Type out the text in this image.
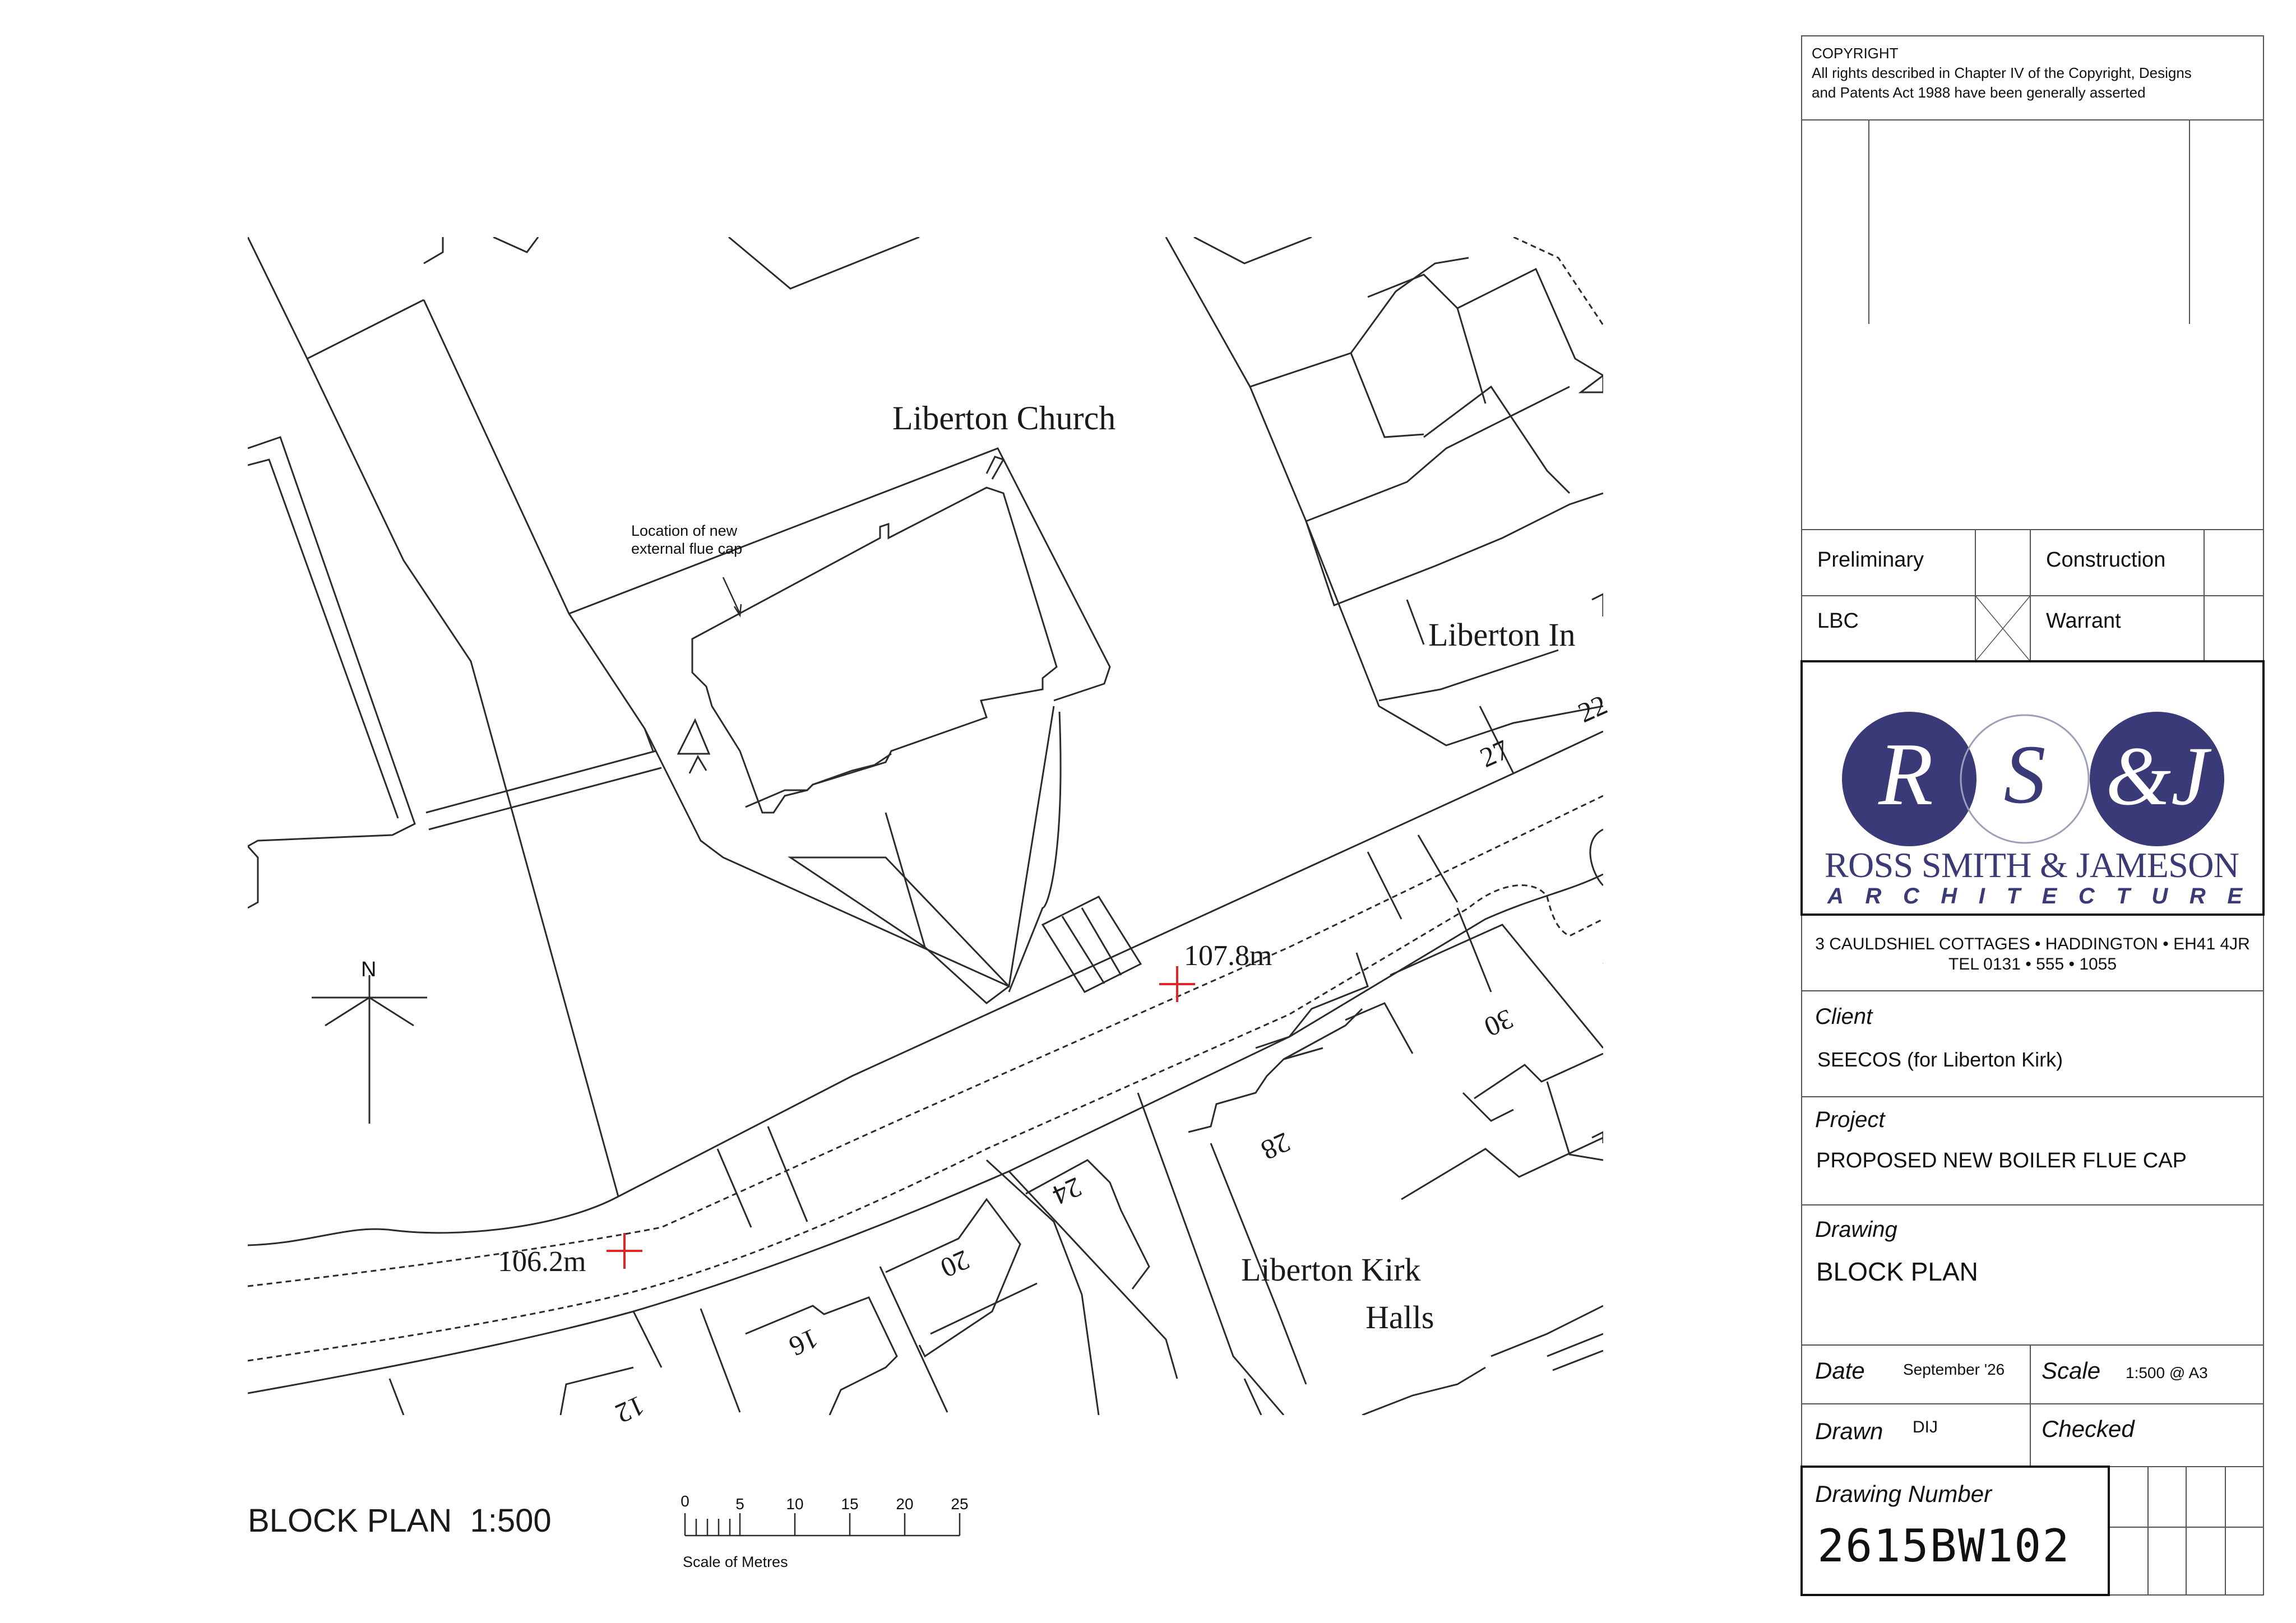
Liberton Church
Liberton In
Liberton Kirk
Halls
107.8m
106.2m
27
22
30
28
24
20
16
12
Location of new
external flue cap
N
0	5	10 15 20 25
Scale of Metres
R S &J
ROSS SMITH & JAMESON
ARCHITECTURE
BLOCK PLAN  1:500
COPYRIGHT
All rights described in Chapter IV of the Copyright, Designs
and Patents Act 1988 have been generally asserted
Preliminary	Construction
LBC	Warrant
3 CAULDSHIEL COTTAGES • HADDINGTON • EH41 4JR
TEL 0131 • 555 • 1055
Client
SEECOS (for Liberton Kirk)
Project
PROPOSED NEW BOILER FLUE CAP
Drawing
BLOCK PLAN
Date September '26 Scale 1:500 @ A3
Drawn DIJ	Checked
Drawing Number
2615BW102
